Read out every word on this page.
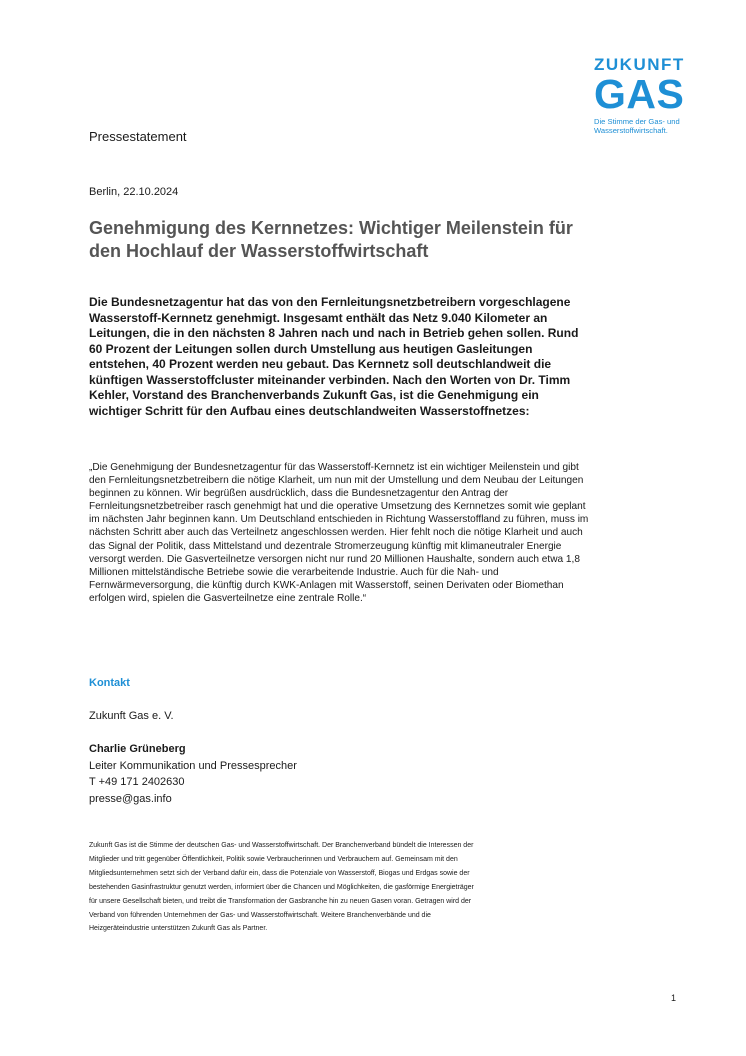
ZUKUNFT
GAS
Die Stimme der Gas- und Wasserstoffwirtschaft.
Pressestatement
Berlin, 22.10.2024
Genehmigung des Kernnetzes: Wichtiger Meilenstein für den Hochlauf der Wasserstoffwirtschaft

Die Bundesnetzagentur hat das von den Fernleitungsnetzbetreibern vorgeschlagene Wasserstoff-Kernnetz genehmigt. Insgesamt enthält das Netz 9.040 Kilometer an Leitungen, die in den nächsten 8 Jahren nach und nach in Betrieb gehen sollen. Rund 60 Prozent der Leitungen sollen durch Umstellung aus heutigen Gasleitungen entstehen, 40 Prozent werden neu gebaut. Das Kernnetz soll deutschlandweit die künftigen Wasserstoffcluster miteinander verbinden. Nach den Worten von Dr. Timm Kehler, Vorstand des Branchenverbands Zukunft Gas, ist die Genehmigung ein wichtiger Schritt für den Aufbau eines deutschlandweiten Wasserstoffnetzes:

„Die Genehmigung der Bundesnetzagentur für das Wasserstoff-Kernnetz ist ein wichtiger Meilenstein und gibt den Fernleitungsnetzbetreibern die nötige Klarheit, um nun mit der Umstellung und dem Neubau der Leitungen beginnen zu können. Wir begrüßen ausdrücklich, dass die Bundesnetzagentur den Antrag der Fernleitungsnetzbetreiber rasch genehmigt hat und die operative Umsetzung des Kernnetzes somit wie geplant im nächsten Jahr beginnen kann. Um Deutschland entschieden in Richtung Wasserstoffland zu führen, muss im nächsten Schritt aber auch das Verteilnetz angeschlossen werden. Hier fehlt noch die nötige Klarheit und auch das Signal der Politik, dass Mittelstand und dezentrale Stromerzeugung künftig mit klimaneutraler Energie versorgt werden. Die Gasverteilnetze versorgen nicht nur rund 20 Millionen Haushalte, sondern auch etwa 1,8 Millionen mittelständische Betriebe sowie die verarbeitende Industrie. Auch für die Nah- und Fernwärmeversorgung, die künftig durch KWK-Anlagen mit Wasserstoff, seinen Derivaten oder Biomethan erfolgen wird, spielen die Gasverteilnetze eine zentrale Rolle.“

Kontakt
Zukunft Gas e. V.
Charlie Grüneberg
Leiter Kommunikation und Pressesprecher
T +49 171 2402630
presse@gas.info

Zukunft Gas ist die Stimme der deutschen Gas- und Wasserstoffwirtschaft. Der Branchenverband bündelt die Interessen der Mitglieder und tritt gegenüber Öffentlichkeit, Politik sowie Verbraucherinnen und Verbrauchern auf. Gemeinsam mit den Mitgliedsunternehmen setzt sich der Verband dafür ein, dass die Potenziale von Wasserstoff, Biogas und Erdgas sowie der bestehenden Gasinfrastruktur genutzt werden, informiert über die Chancen und Möglichkeiten, die gasförmige Energieträger für unsere Gesellschaft bieten, und treibt die Transformation der Gasbranche hin zu neuen Gasen voran. Getragen wird der Verband von führenden Unternehmen der Gas- und Wasserstoffwirtschaft. Weitere Branchenverbände und die Heizgeräteindustrie unterstützen Zukunft Gas als Partner.

1
